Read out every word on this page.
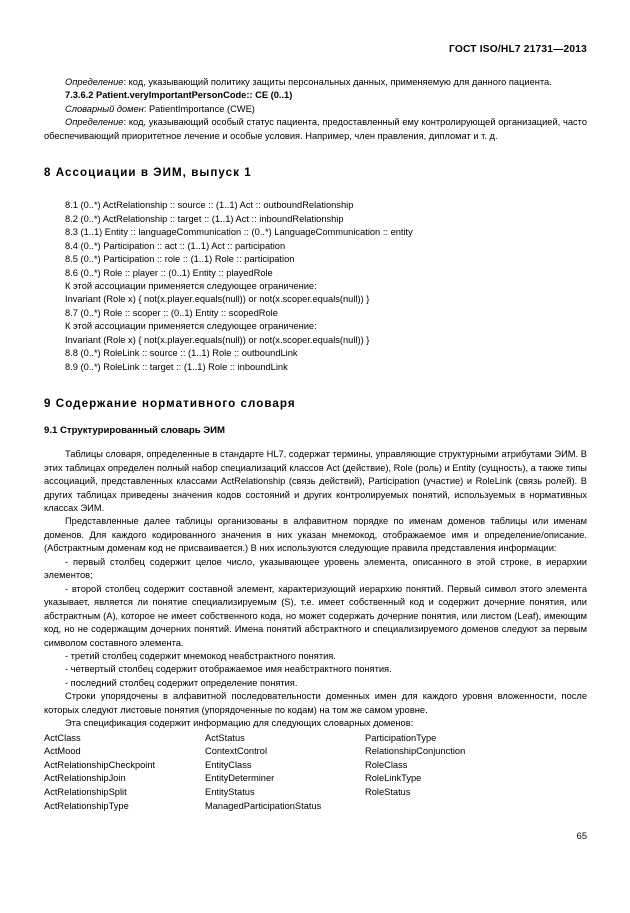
ГОСТ ISO/HL7 21731—2013

Определение: код, указывающий политику защиты персональных данных, применяемую для данного пациента.

7.3.6.2 Patient.veryImportantPersonCode:: CE (0..1)

Словарный домен: PatientImportance (CWE)

Определение: код, указывающий особый статус пациента, предоставленный ему контролирующей организацией, часто обеспечивающий приоритетное лечение и особые условия. Например, член правления, дипломат и т. д.

8 Ассоциации в ЭИМ, выпуск 1

8.1 (0..*) ActRelationship :: source :: (1..1) Act :: outboundRelationship

8.2 (0..*) ActRelationship :: target :: (1..1) Act :: inboundRelationship

8.3 (1..1) Entity :: languageCommunication :: (0..*) LanguageCommunication :: entity

8.4 (0..*) Participation :: act :: (1..1) Act :: participation

8.5 (0..*) Participation :: role :: (1..1) Role :: participation

8.6 (0..*) Role :: player :: (0..1) Entity :: playedRole

К этой ассоциации применяется следующее ограничение:

Invariant (Role x) { not(x.player.equals(null)) or not(x.scoper.equals(null)) }

8.7 (0..*) Role :: scoper :: (0..1) Entity :: scopedRole

К этой ассоциации применяется следующее ограничение:

Invariant (Role x) { not(x.player.equals(null)) or not(x.scoper.equals(null)) }

8.8 (0..*) RoleLink :: source :: (1..1) Role :: outboundLink

8.9 (0..*) RoleLink :: target :: (1..1) Role :: inboundLink

9 Содержание нормативного словаря

9.1 Структурированный словарь ЭИМ

Таблицы словаря, определенные в стандарте HL7, содержат термины, управляющие структурными атрибутами ЭИМ. В этих таблицах определен полный набор специализаций классов Act (действие), Role (роль) и Entity (сущность), а также типы ассоциаций, представленных классами ActRelationship (связь действий), Participation (участие) и RoleLink (связь ролей). В других таблицах приведены значения кодов состояний и других контролируемых понятий, используемых в нормативных классах ЭИМ.

Представленные далее таблицы организованы в алфавитном порядке по именам доменов таблицы или именам доменов. Для каждого кодированного значения в них указан мнемокод, отображаемое имя и определение/описание. (Абстрактным доменам код не присваивается.) В них используются следующие правила представления информации:

- первый столбец содержит целое число, указывающее уровень элемента, описанного в этой строке, в иерархии элементов;

- второй столбец содержит составной элемент, характеризующий иерархию понятий. Первый символ этого элемента указывает, является ли понятие специализируемым (S), т.е. имеет собственный код и содержит дочерние понятия, или абстрактным (А), которое не имеет собственного кода, но может содержать дочерние понятия, или листом (Leaf), имеющим код, но не содержащим дочерних понятий. Имена понятий абстрактного и специализируемого доменов следуют за первым символом составного элемента.

- третий столбец содержит мнемокод неабстрактного понятия.

- четвертый столбец содержит отображаемое имя неабстрактного понятия.

- последний столбец содержит определение понятия.

Строки упорядочены в алфавитной последовательности доменных имен для каждого уровня вложенности, после которых следуют листовые понятия (упорядоченные по кодам) на том же самом уровне.

Эта спецификация содержит информацию для следующих словарных доменов:

ActClass	ActStatus	ParticipationType
ActMood	ContextControl	RelationshipConjunction
ActRelationshipCheckpoint	EntityClass	RoleClass
ActRelationshipJoin	EntityDeterminer	RoleLinkType
ActRelationshipSplit	EntityStatus	RoleStatus
ActRelationshipType	ManagedParticipationStatus
65
